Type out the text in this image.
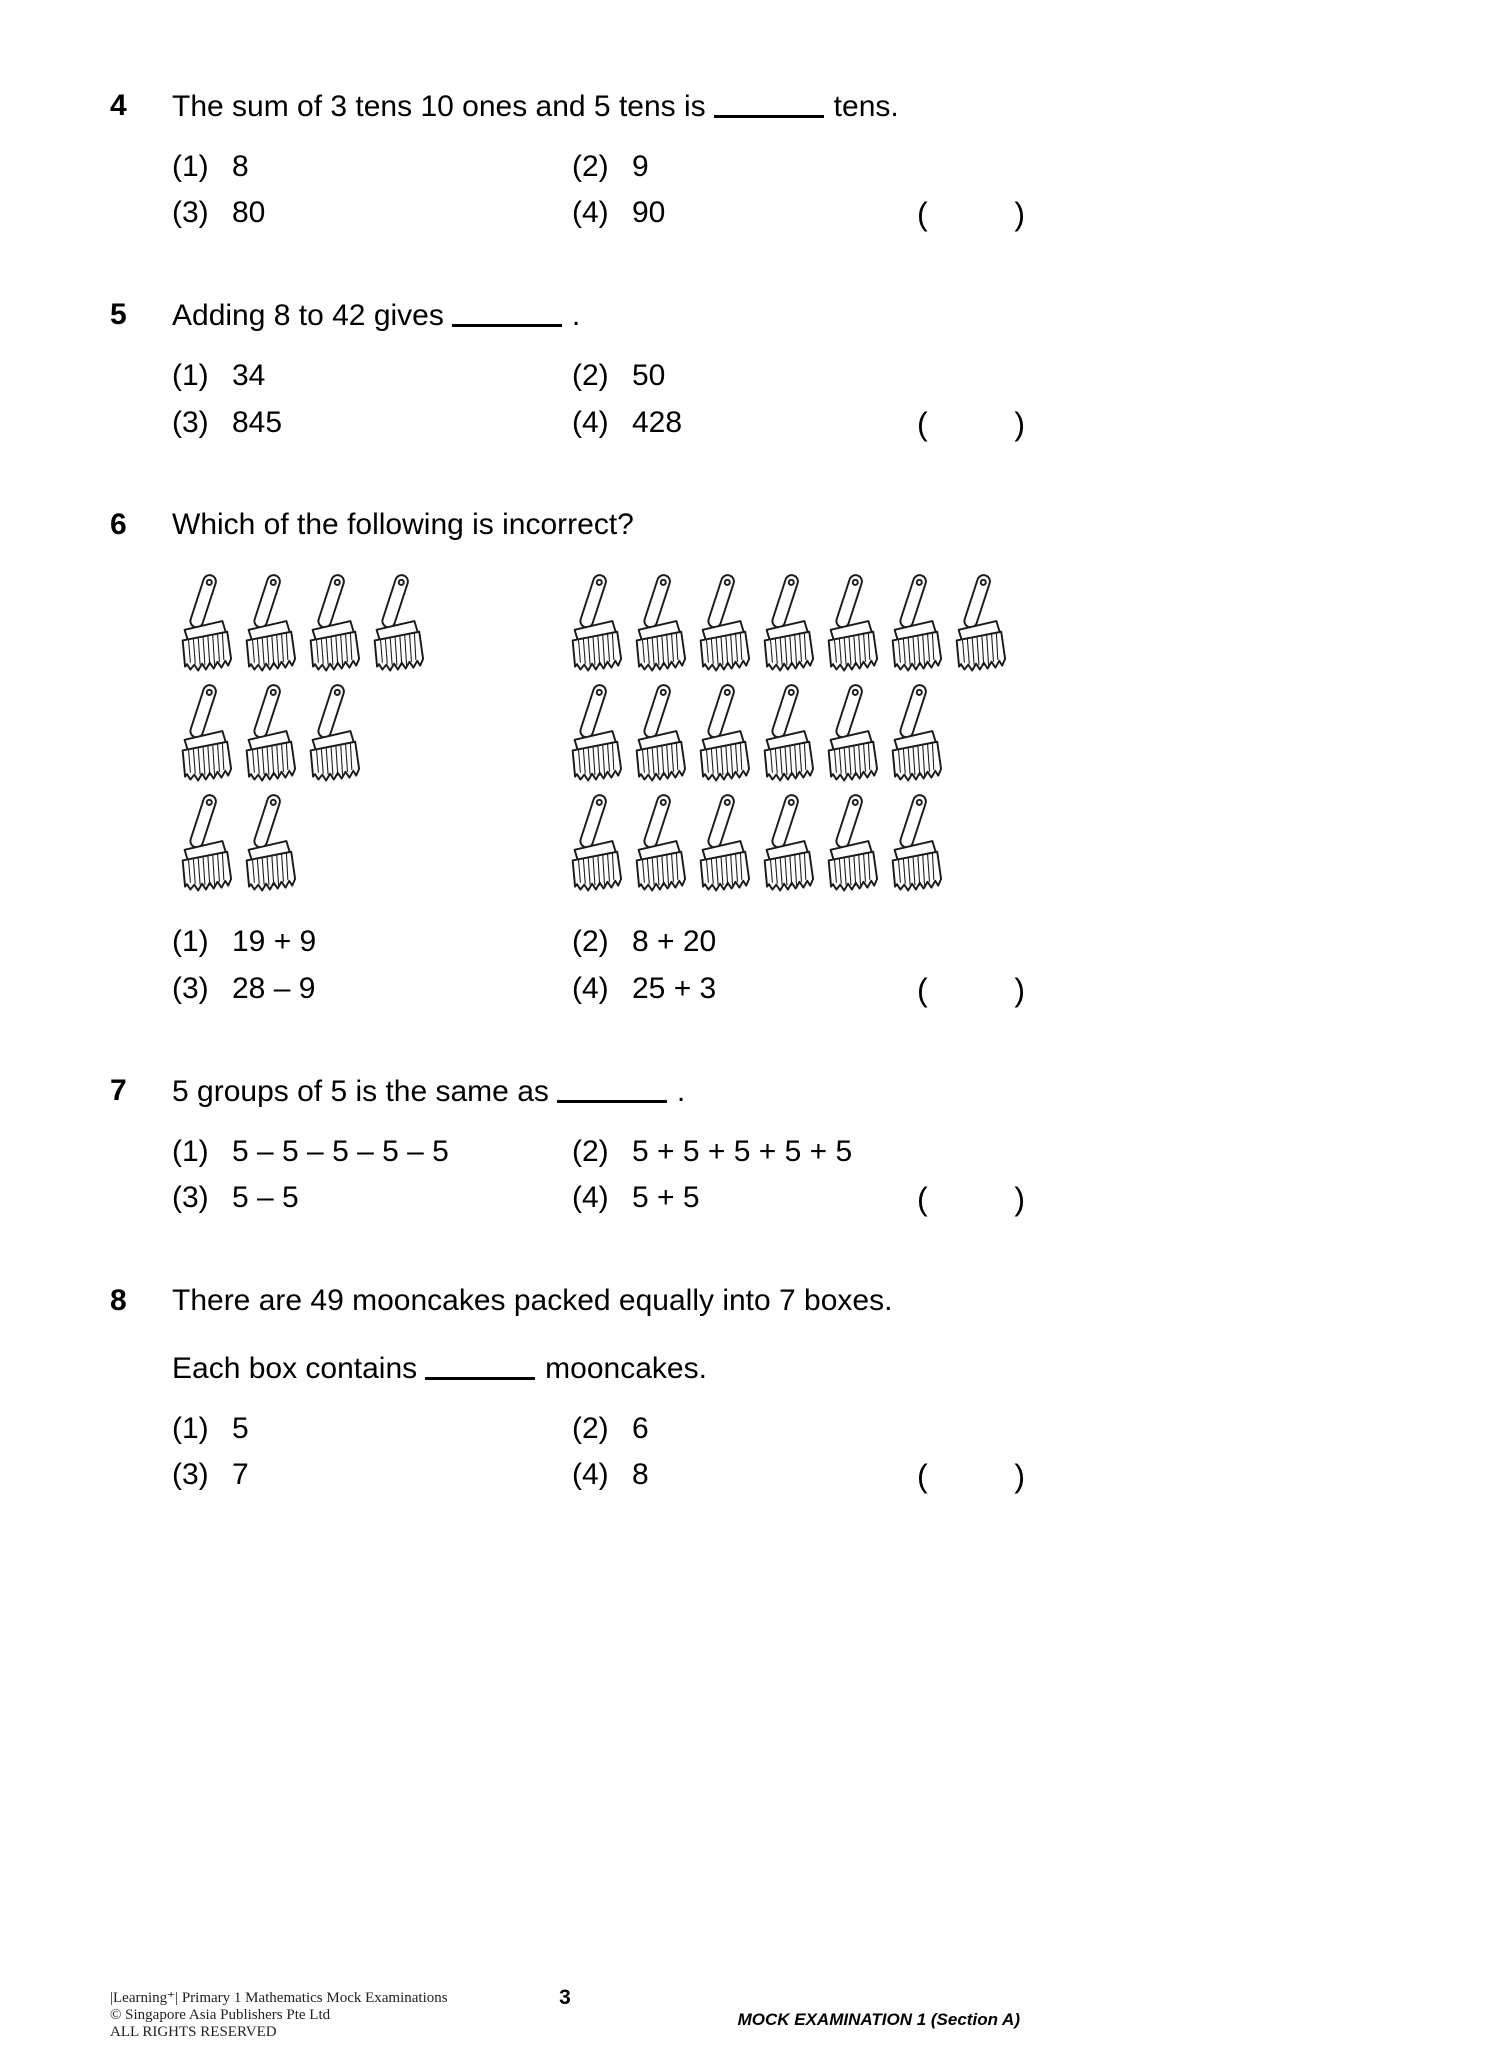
4	The sum of 3 tens 10 ones and 5 tens is	tens.
(1) 8	(2) 9
(3) 80	(4) 90	(	)
5	Adding 8 to 42 gives	.
(1) 34	(2) 50
(3) 845	(4) 428	(	)
6	Which of the following is incorrect?
(1) 19 + 9	(2) 8 + 20
(3) 28 – 9	(4) 25 + 3	(	)
7	5 groups of 5 is the same as	.
(1) 5 – 5 – 5 – 5 – 5	(2) 5 + 5 + 5 + 5 + 5
(3) 5 – 5	(4) 5 + 5	(	)
8	There are 49 mooncakes packed equally into 7 boxes.
Each box contains	mooncakes.
(1) 5	(2) 6
(3) 7	(4) 8	(	)
|Learning⁺| Primary 1 Mathematics Mock Examinations
© Singapore Asia Publishers Pte Ltd
ALL RIGHTS RESERVED
3
MOCK EXAMINATION 1 (Section A)
